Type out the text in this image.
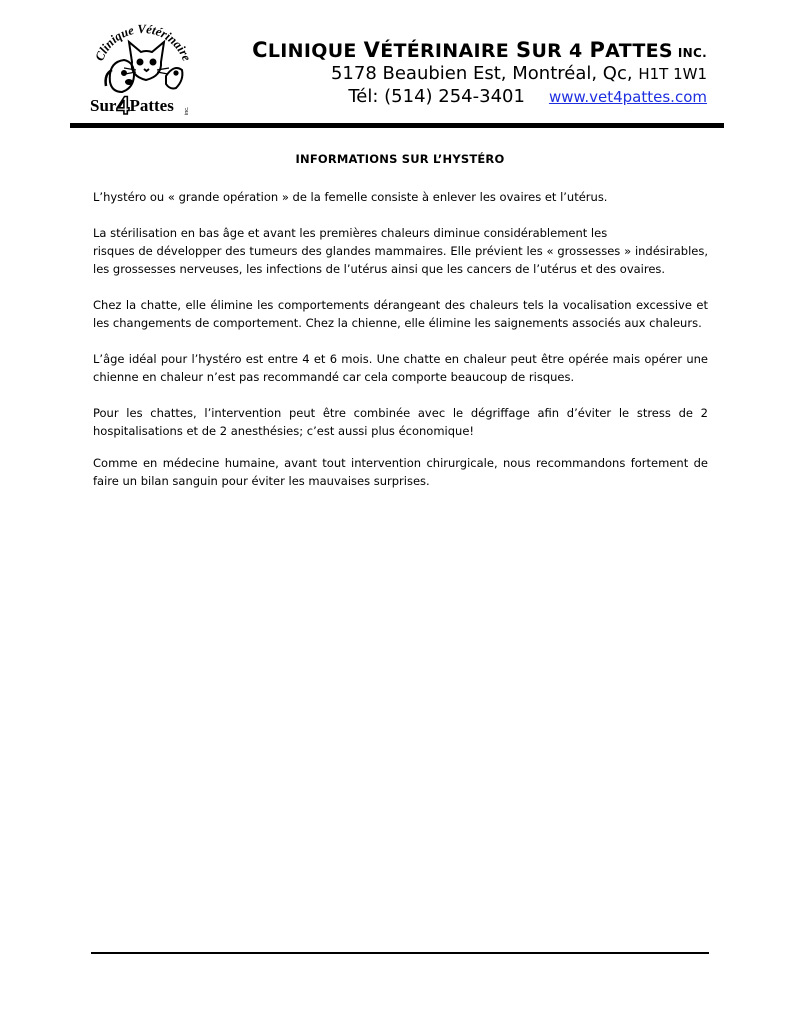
Clinique Vétérinaire
Sur4Pattes inc.
CLINIQUE VÉTÉRINAIRE SUR 4 PATTES INC.
5178 Beaubien Est, Montréal, Qc, H1T 1W1
Tél: (514) 254-3401 www.vet4pattes.com
INFORMATIONS SUR L’HYSTÉRO

L’hystéro ou « grande opération » de la femelle consiste à enlever les ovaires et l’utérus.

La stérilisation en bas âge et avant les premières chaleurs diminue considérablement les

risques de développer des tumeurs des glandes mammaires. Elle prévient les « grossesses » indésirables, les grossesses nerveuses, les infections de l’utérus ainsi que les cancers de l’utérus et des ovaires.

Chez la chatte, elle élimine les comportements dérangeant des chaleurs tels la vocalisation excessive et les changements de comportement. Chez la chienne, elle élimine les saignements associés aux chaleurs.

L’âge idéal pour l’hystéro est entre 4 et 6 mois. Une chatte en chaleur peut être opérée mais opérer une chienne en chaleur n’est pas recommandé car cela comporte beaucoup de risques.

Pour les chattes, l’intervention peut être combinée avec le dégriffage afin d’éviter le stress de 2 hospitalisations et de 2 anesthésies; c’est aussi plus économique!

Comme en médecine humaine, avant tout intervention chirurgicale, nous recommandons fortement de faire un bilan sanguin pour éviter les mauvaises surprises.
